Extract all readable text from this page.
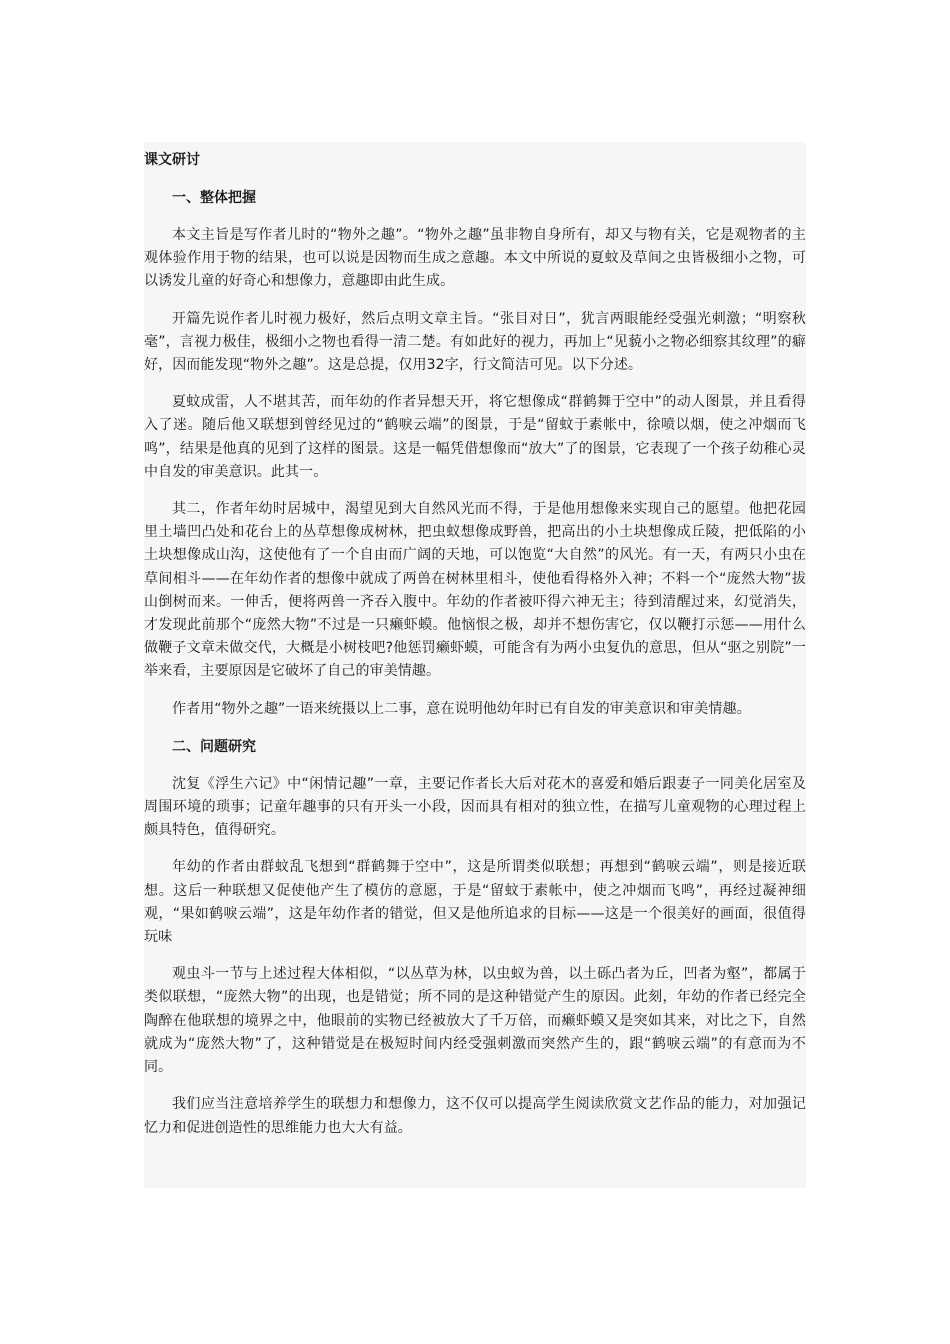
课文研讨
一、整体把握

本文主旨是写作者儿时的“物外之趣”。“物外之趣”虽非物自身所有，却又与物有关，它是观物者的主观体验作用于物的结果，也可以说是因物而生成之意趣。本文中所说的夏蚊及草间之虫皆极细小之物，可以诱发儿童的好奇心和想像力，意趣即由此生成。

开篇先说作者儿时视力极好，然后点明文章主旨。“张目对日”，犹言两眼能经受强光刺激；“明察秋毫”，言视力极佳，极细小之物也看得一清二楚。有如此好的视力，再加上“见藐小之物必细察其纹理”的癖好，因而能发现“物外之趣”。这是总提，仅用32字，行文简洁可见。以下分述。

夏蚊成雷，人不堪其苦，而年幼的作者异想天开，将它想像成“群鹤舞于空中”的动人图景，并且看得入了迷。随后他又联想到曾经见过的“鹤唳云端”的图景，于是“留蚊于素帐中，徐喷以烟，使之冲烟而飞鸣”，结果是他真的见到了这样的图景。这是一幅凭借想像而“放大”了的图景，它表现了一个孩子幼稚心灵中自发的审美意识。此其一。

其二，作者年幼时居城中，渴望见到大自然风光而不得，于是他用想像来实现自己的愿望。他把花园里土墙凹凸处和花台上的丛草想像成树林，把虫蚁想像成野兽，把高出的小土块想像成丘陵，把低陷的小土块想像成山沟，这使他有了一个自由而广阔的天地，可以饱览“大自然”的风光。有一天，有两只小虫在草间相斗——在年幼作者的想像中就成了两兽在树林里相斗，使他看得格外入神；不料一个“庞然大物”拔山倒树而来。一伸舌，便将两兽一齐吞入腹中。年幼的作者被吓得六神无主；待到清醒过来，幻觉消失，才发现此前那个“庞然大物”不过是一只癞虾蟆。他恼恨之极，却并不想伤害它，仅以鞭打示惩——用什么做鞭子文章未做交代，大概是小树枝吧?他惩罚癞虾蟆，可能含有为两小虫复仇的意思，但从“驱之别院”一举来看，主要原因是它破坏了自己的审美情趣。

作者用“物外之趣”一语来统摄以上二事，意在说明他幼年时已有自发的审美意识和审美情趣。

二、问题研究

沈复《浮生六记》中“闲情记趣”一章，主要记作者长大后对花木的喜爱和婚后跟妻子一同美化居室及周围环境的琐事；记童年趣事的只有开头一小段，因而具有相对的独立性，在描写儿童观物的心理过程上颇具特色，值得研究。

年幼的作者由群蚊乱飞想到“群鹤舞于空中”，这是所谓类似联想；再想到“鹤唳云端”，则是接近联想。这后一种联想又促使他产生了模仿的意愿，于是“留蚊于素帐中，使之冲烟而飞鸣”，再经过凝神细观，“果如鹤唳云端”，这是年幼作者的错觉，但又是他所追求的目标——这是一个很美好的画面，很值得玩味

观虫斗一节与上述过程大体相似，“以丛草为林，以虫蚁为兽，以土砾凸者为丘，凹者为壑”，都属于类似联想，“庞然大物”的出现，也是错觉；所不同的是这种错觉产生的原因。此刻，年幼的作者已经完全陶醉在他联想的境界之中，他眼前的实物已经被放大了千万倍，而癞虾蟆又是突如其来，对比之下，自然就成为“庞然大物”了，这种错觉是在极短时间内经受强刺激而突然产生的，跟“鹤唳云端”的有意而为不同。

我们应当注意培养学生的联想力和想像力，这不仅可以提高学生阅读欣赏文艺作品的能力，对加强记忆力和促进创造性的思维能力也大大有益。
